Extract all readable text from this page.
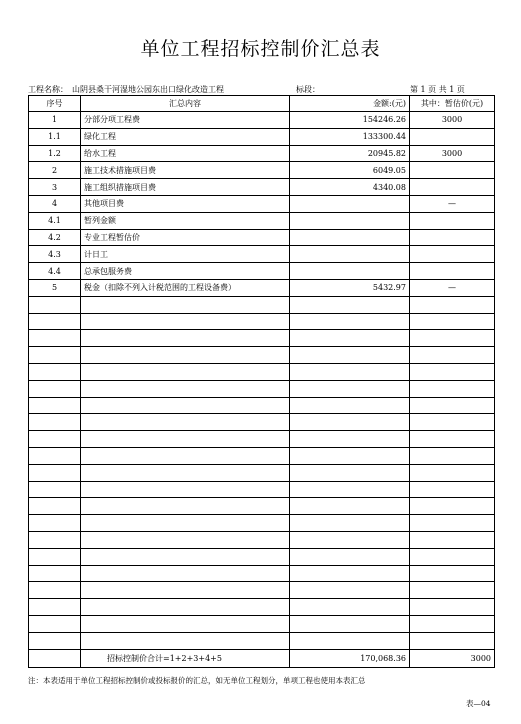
单位工程招标控制价汇总表
工程名称： 山阴县桑干河湿地公园东出口绿化改造工程	标段：	第 1 页 共 1 页
序号	汇总内容	金额:(元)	其中：暂估价(元)
1	分部分项工程费	154246.26	3000
1.1	绿化工程	133300.44	
1.2	给水工程	20945.82	3000
2	施工技术措施项目费	6049.05	
3	施工组织措施项目费	4340.08	
4	其他项目费		—
4.1	暂列金额		
4.2	专业工程暂估价		
4.3	计日工		
4.4	总承包服务费		
5	税金（扣除不列入计税范围的工程设备费）	5432.97	—

	招标控制价合计=1+2+3+4+5	170,068.36	3000
注：本表适用于单位工程招标控制价或投标报价的汇总，如无单位工程划分，单项工程也使用本表汇总
表—04
